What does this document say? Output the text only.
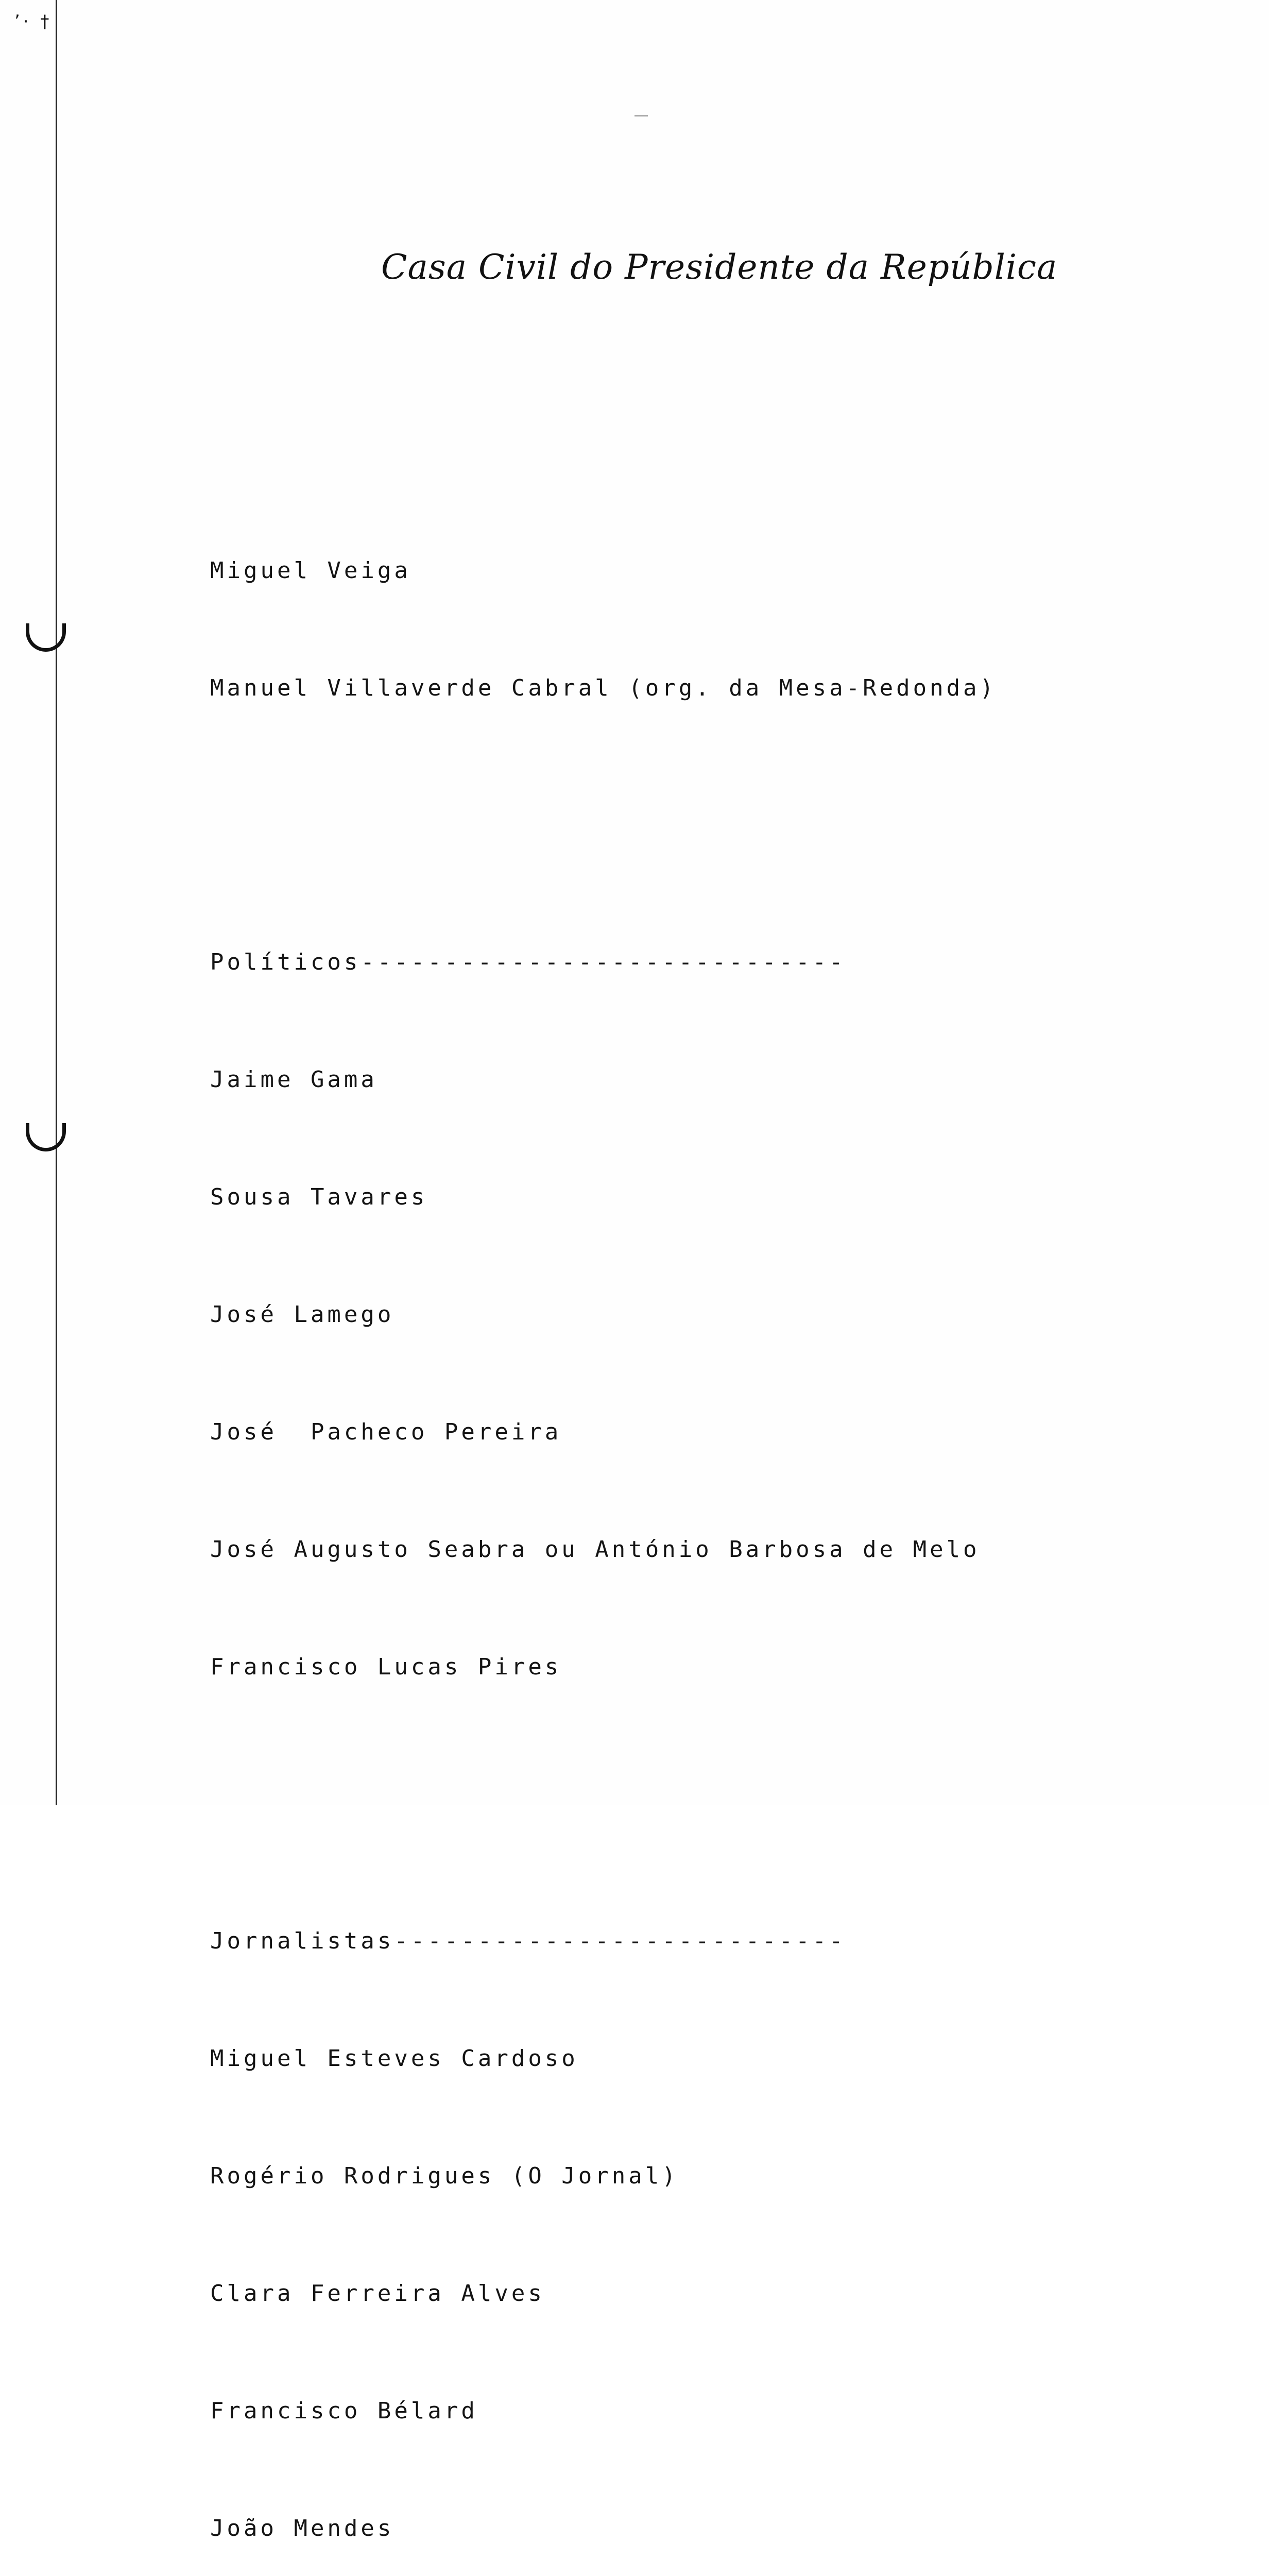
ʼ· †
Casa Civil do Presidente da República

Miguel Veiga

Manuel Villaverde Cabral (org. da Mesa-Redonda)

Políticos-----------------------------

Jaime Gama

Sousa Tavares

José Lamego

José  Pacheco Pereira

José Augusto Seabra ou António Barbosa de Melo

Francisco Lucas Pires

Jornalistas---------------------------

Miguel Esteves Cardoso

Rogério Rodrigues (O Jornal)

Clara Ferreira Alves

Francisco Bélard

João Mendes
